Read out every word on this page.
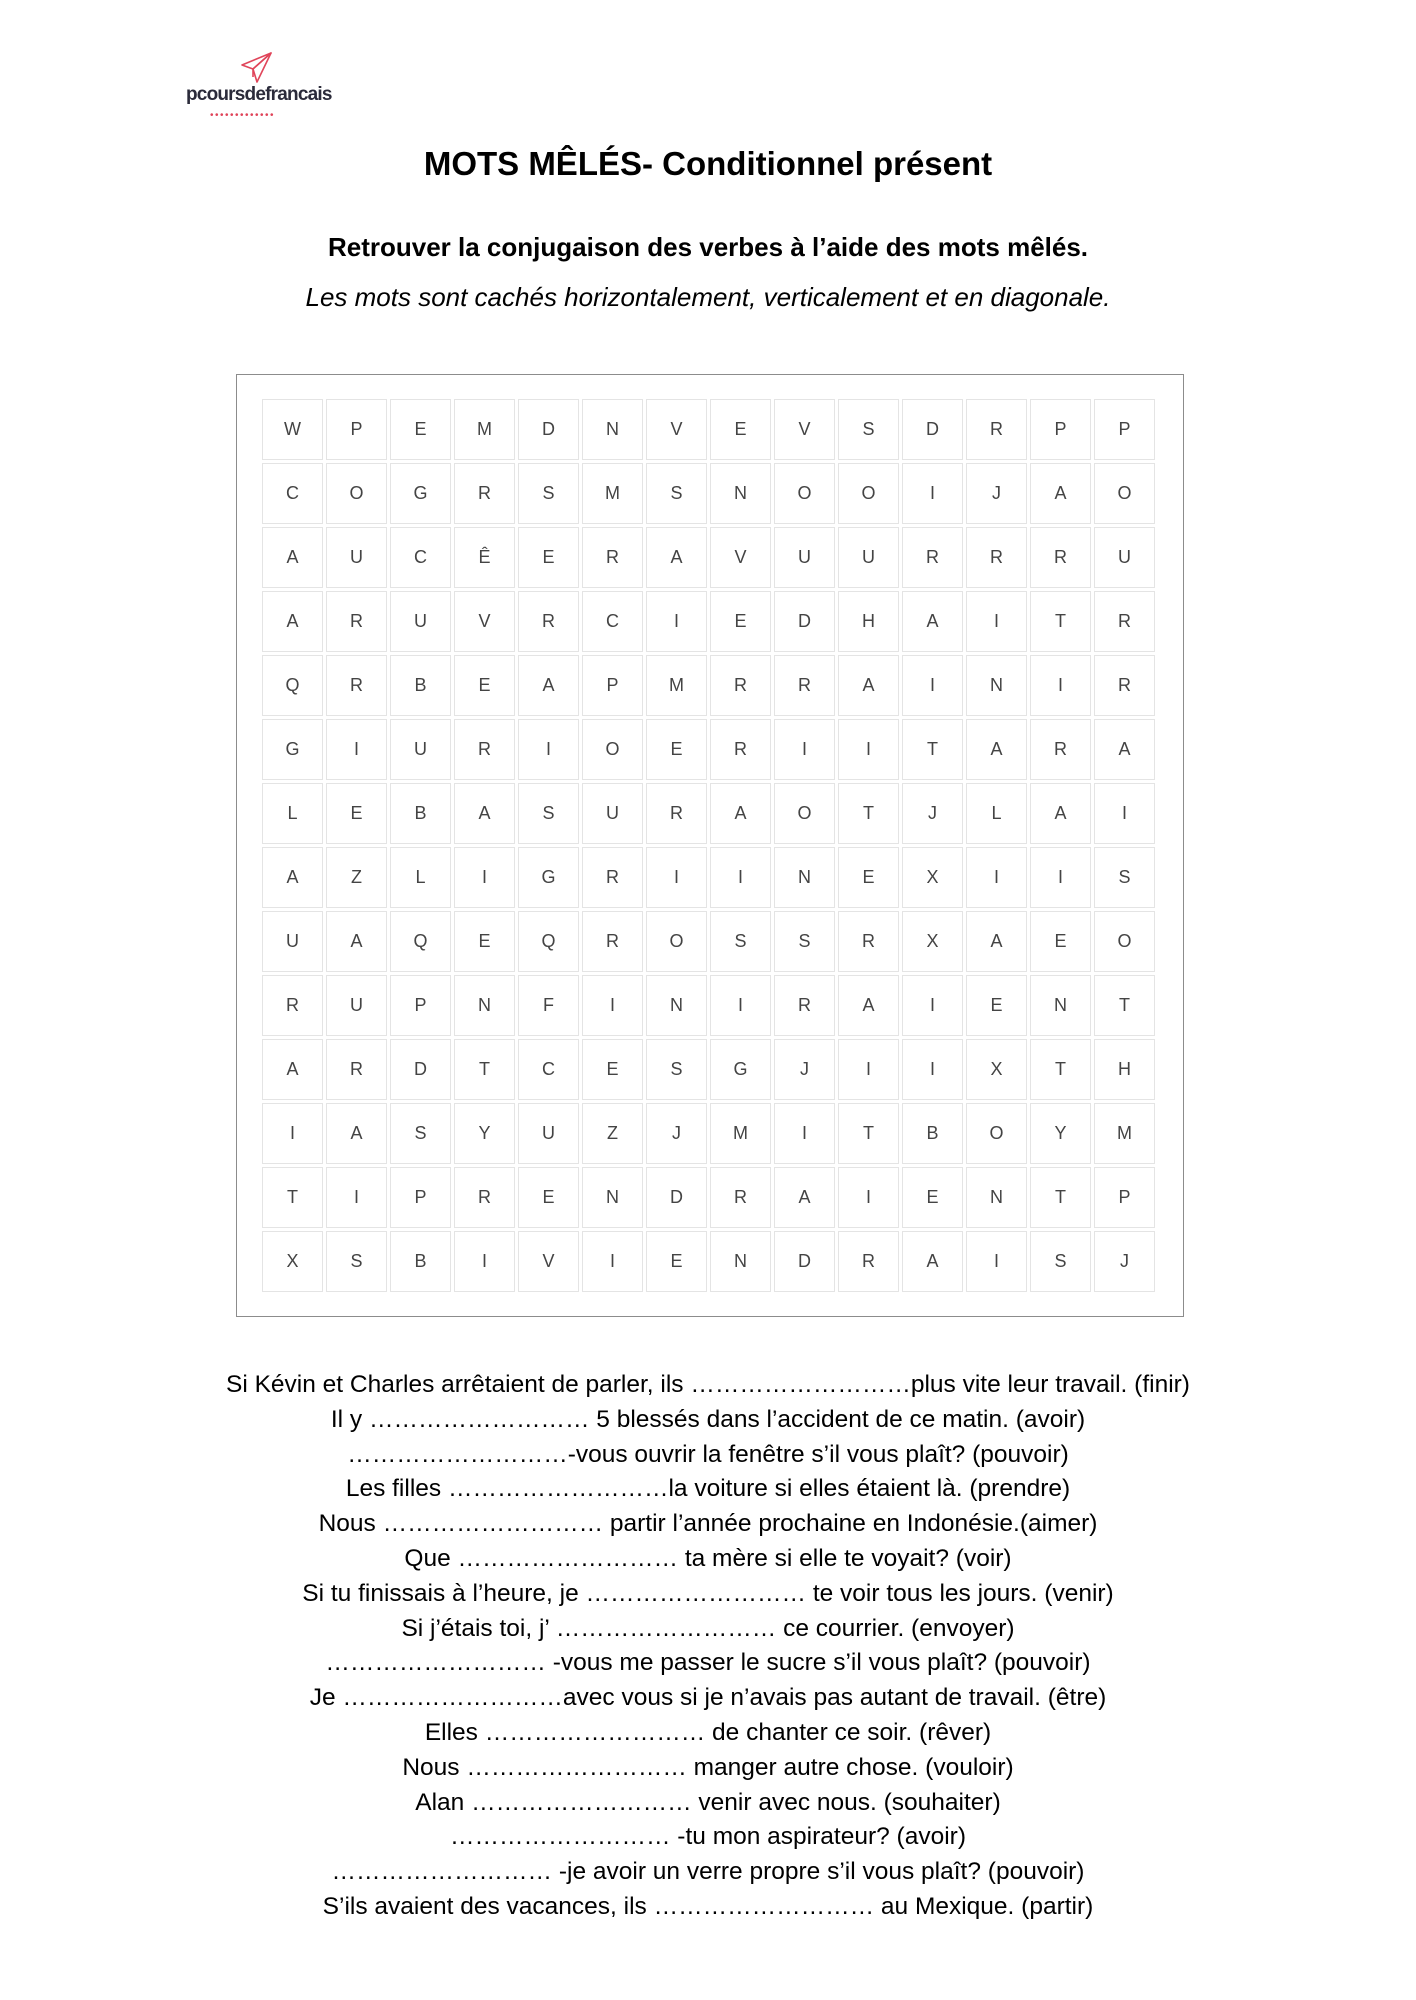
pcoursdefrancais
•••••••••••••
MOTS MÊLÉS- Conditionnel présent
Retrouver la conjugaison des verbes à l’aide des mots mêlés.
Les mots sont cachés horizontalement, verticalement et en diagonale.
W	P	E	M	D	N	V	E	V	S	D	R	P	P
C	O	G	R	S	M	S	N	O	O	I	J	A	O
A	U	C	Ê	E	R	A	V	U	U	R	R	R	U
A	R	U	V	R	C	I	E	D	H	A	I	T	R
Q	R	B	E	A	P	M	R	R	A	I	N	I	R
G	I	U	R	I	O	E	R	I	I	T	A	R	A
L	E	B	A	S	U	R	A	O	T	J	L	A	I
A	Z	L	I	G	R	I	I	N	E	X	I	I	S
U	A	Q	E	Q	R	O	S	S	R	X	A	E	O
R	U	P	N	F	I	N	I	R	A	I	E	N	T
A	R	D	T	C	E	S	G	J	I	I	X	T	H
I	A	S	Y	U	Z	J	M	I	T	B	O	Y	M
T	I	P	R	E	N	D	R	A	I	E	N	T	P
X	S	B	I	V	I	E	N	D	R	A	I	S	J
Si Kévin et Charles arrêtaient de parler, ils ………………………plus vite leur travail. (finir)
Il y ……………………… 5 blessés dans l’accident de ce matin. (avoir)
………………………-vous ouvrir la fenêtre s’il vous plaît? (pouvoir)
Les filles ………………………la voiture si elles étaient là. (prendre)
Nous ……………………… partir l’année prochaine en Indonésie.(aimer)
Que ……………………… ta mère si elle te voyait? (voir)
Si tu finissais à l’heure, je ……………………… te voir tous les jours. (venir)
Si j’étais toi, j’ ……………………… ce courrier. (envoyer)
……………………… -vous me passer le sucre s’il vous plaît? (pouvoir)
Je ………………………avec vous si je n’avais pas autant de travail. (être)
Elles ……………………… de chanter ce soir. (rêver)
Nous ……………………… manger autre chose. (vouloir)
Alan ……………………… venir avec nous. (souhaiter)
……………………… -tu mon aspirateur? (avoir)
……………………… -je avoir un verre propre s’il vous plaît? (pouvoir)
S’ils avaient des vacances, ils ……………………… au Mexique. (partir)
